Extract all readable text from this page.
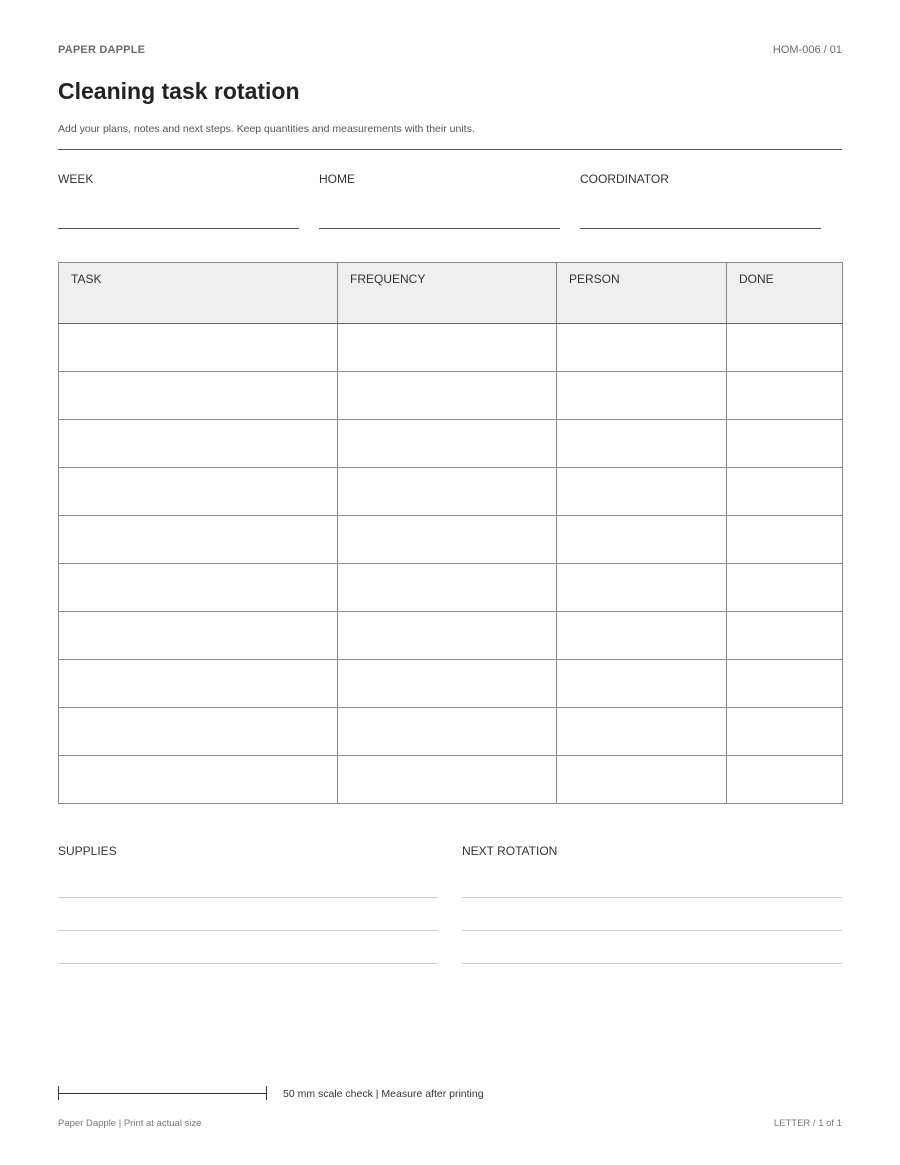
PAPER DAPPLE	HOM-006 / 01
Cleaning task rotation
Add your plans, notes and next steps. Keep quantities and measurements with their units.
WEEK	HOME	COORDINATOR
TASK	FREQUENCY	PERSON	DONE

SUPPLIES	NEXT ROTATION
50 mm scale check | Measure after printing
Paper Dapple | Print at actual size	LETTER / 1 of 1
